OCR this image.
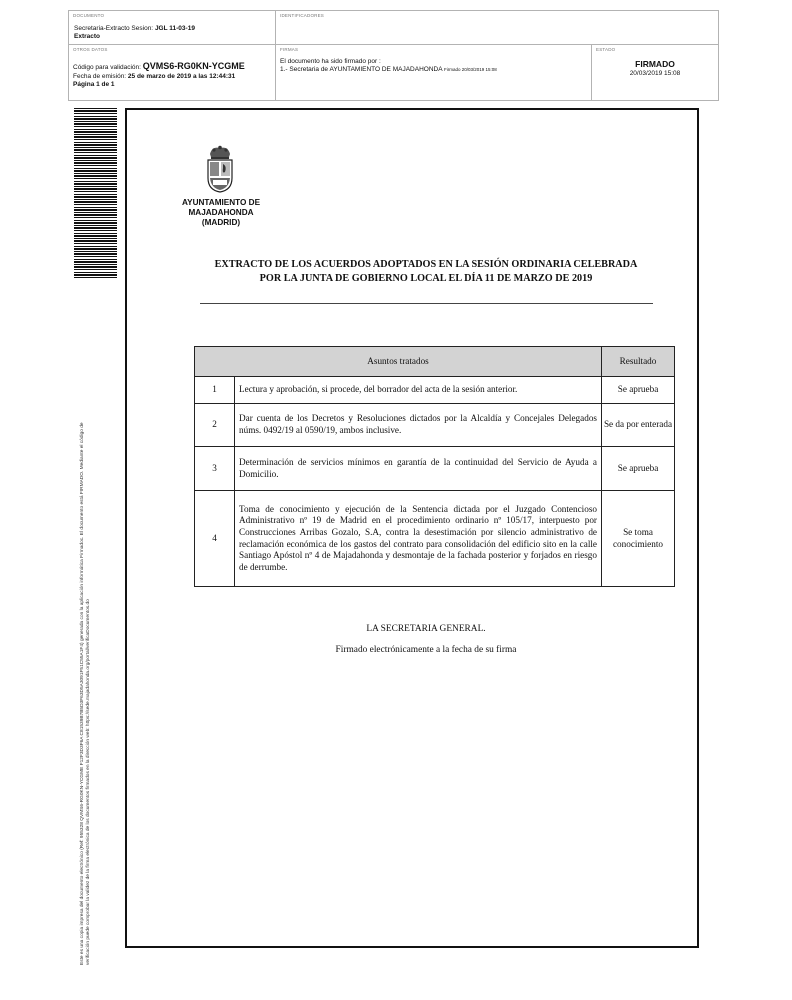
DOCUMENTO
Secretaria-Extracto Sesion: JGL 11-03-19
Extracto
IDENTIFICADORES
OTROS DATOS
Código para validación: QVMS6-RG0KN-YCGME
Fecha de emisión: 25 de marzo de 2019 a las 12:44:31
Página 1 de 1
FIRMAS
El documento ha sido firmado por :
1.- Secretaria de AYUNTAMIENTO DE MAJADAHONDA Firmado 20/03/2019 15:08
ESTADO
FIRMADO
20/03/2019 15:08
Este es una copia impresa del documento electrónico (Ref: 955328 QVMS6-RG0KN-YCGME F12F3D3F6A C81539B7B5D3F63D5A3091F51C55A1F4) generada con la aplicación informática Firmadoc. El documento está FIRMADO. Mediante el código de verificación puede comprobar la validez de la firma electrónica de los documentos firmados en la dirección web: https://sede.majadahonda.org/portal/verificaDocumentos.do
AYUNTAMIENTO DE
MAJADAHONDA
(MADRID)
EXTRACTO DE LOS ACUERDOS ADOPTADOS EN LA SESIÓN ORDINARIA CELEBRADA
POR LA JUNTA DE GOBIERNO LOCAL EL DÍA 11 DE MARZO DE 2019
Asuntos tratados		Resultado
1	Lectura y aprobación, si procede, del borrador del acta de la sesión anterior.	Se aprueba
2	Dar cuenta de los Decretos y Resoluciones dictados por la Alcaldía y Concejales Delegados núms. 0492/19 al 0590/19, ambos inclusive.	Se da por enterada
3	Determinación de servicios mínimos en garantía de la continuidad del Servicio de Ayuda a Domicilio.	Se aprueba
4	Toma de conocimiento y ejecución de la Sentencia dictada por el Juzgado Contencioso Administrativo nº 19 de Madrid en el procedimiento ordinario nº 105/17, interpuesto por Construcciones Arribas Gozalo, S.A, contra la desestimación por silencio administrativo de reclamación económica de los gastos del contrato para consolidación del edificio sito en la calle Santiago Apóstol nº 4 de Majadahonda y desmontaje de la fachada posterior y forjados en riesgo de derrumbe.	Se toma conocimiento
LA SECRETARIA GENERAL.
Firmado electrónicamente a la fecha de su firma
